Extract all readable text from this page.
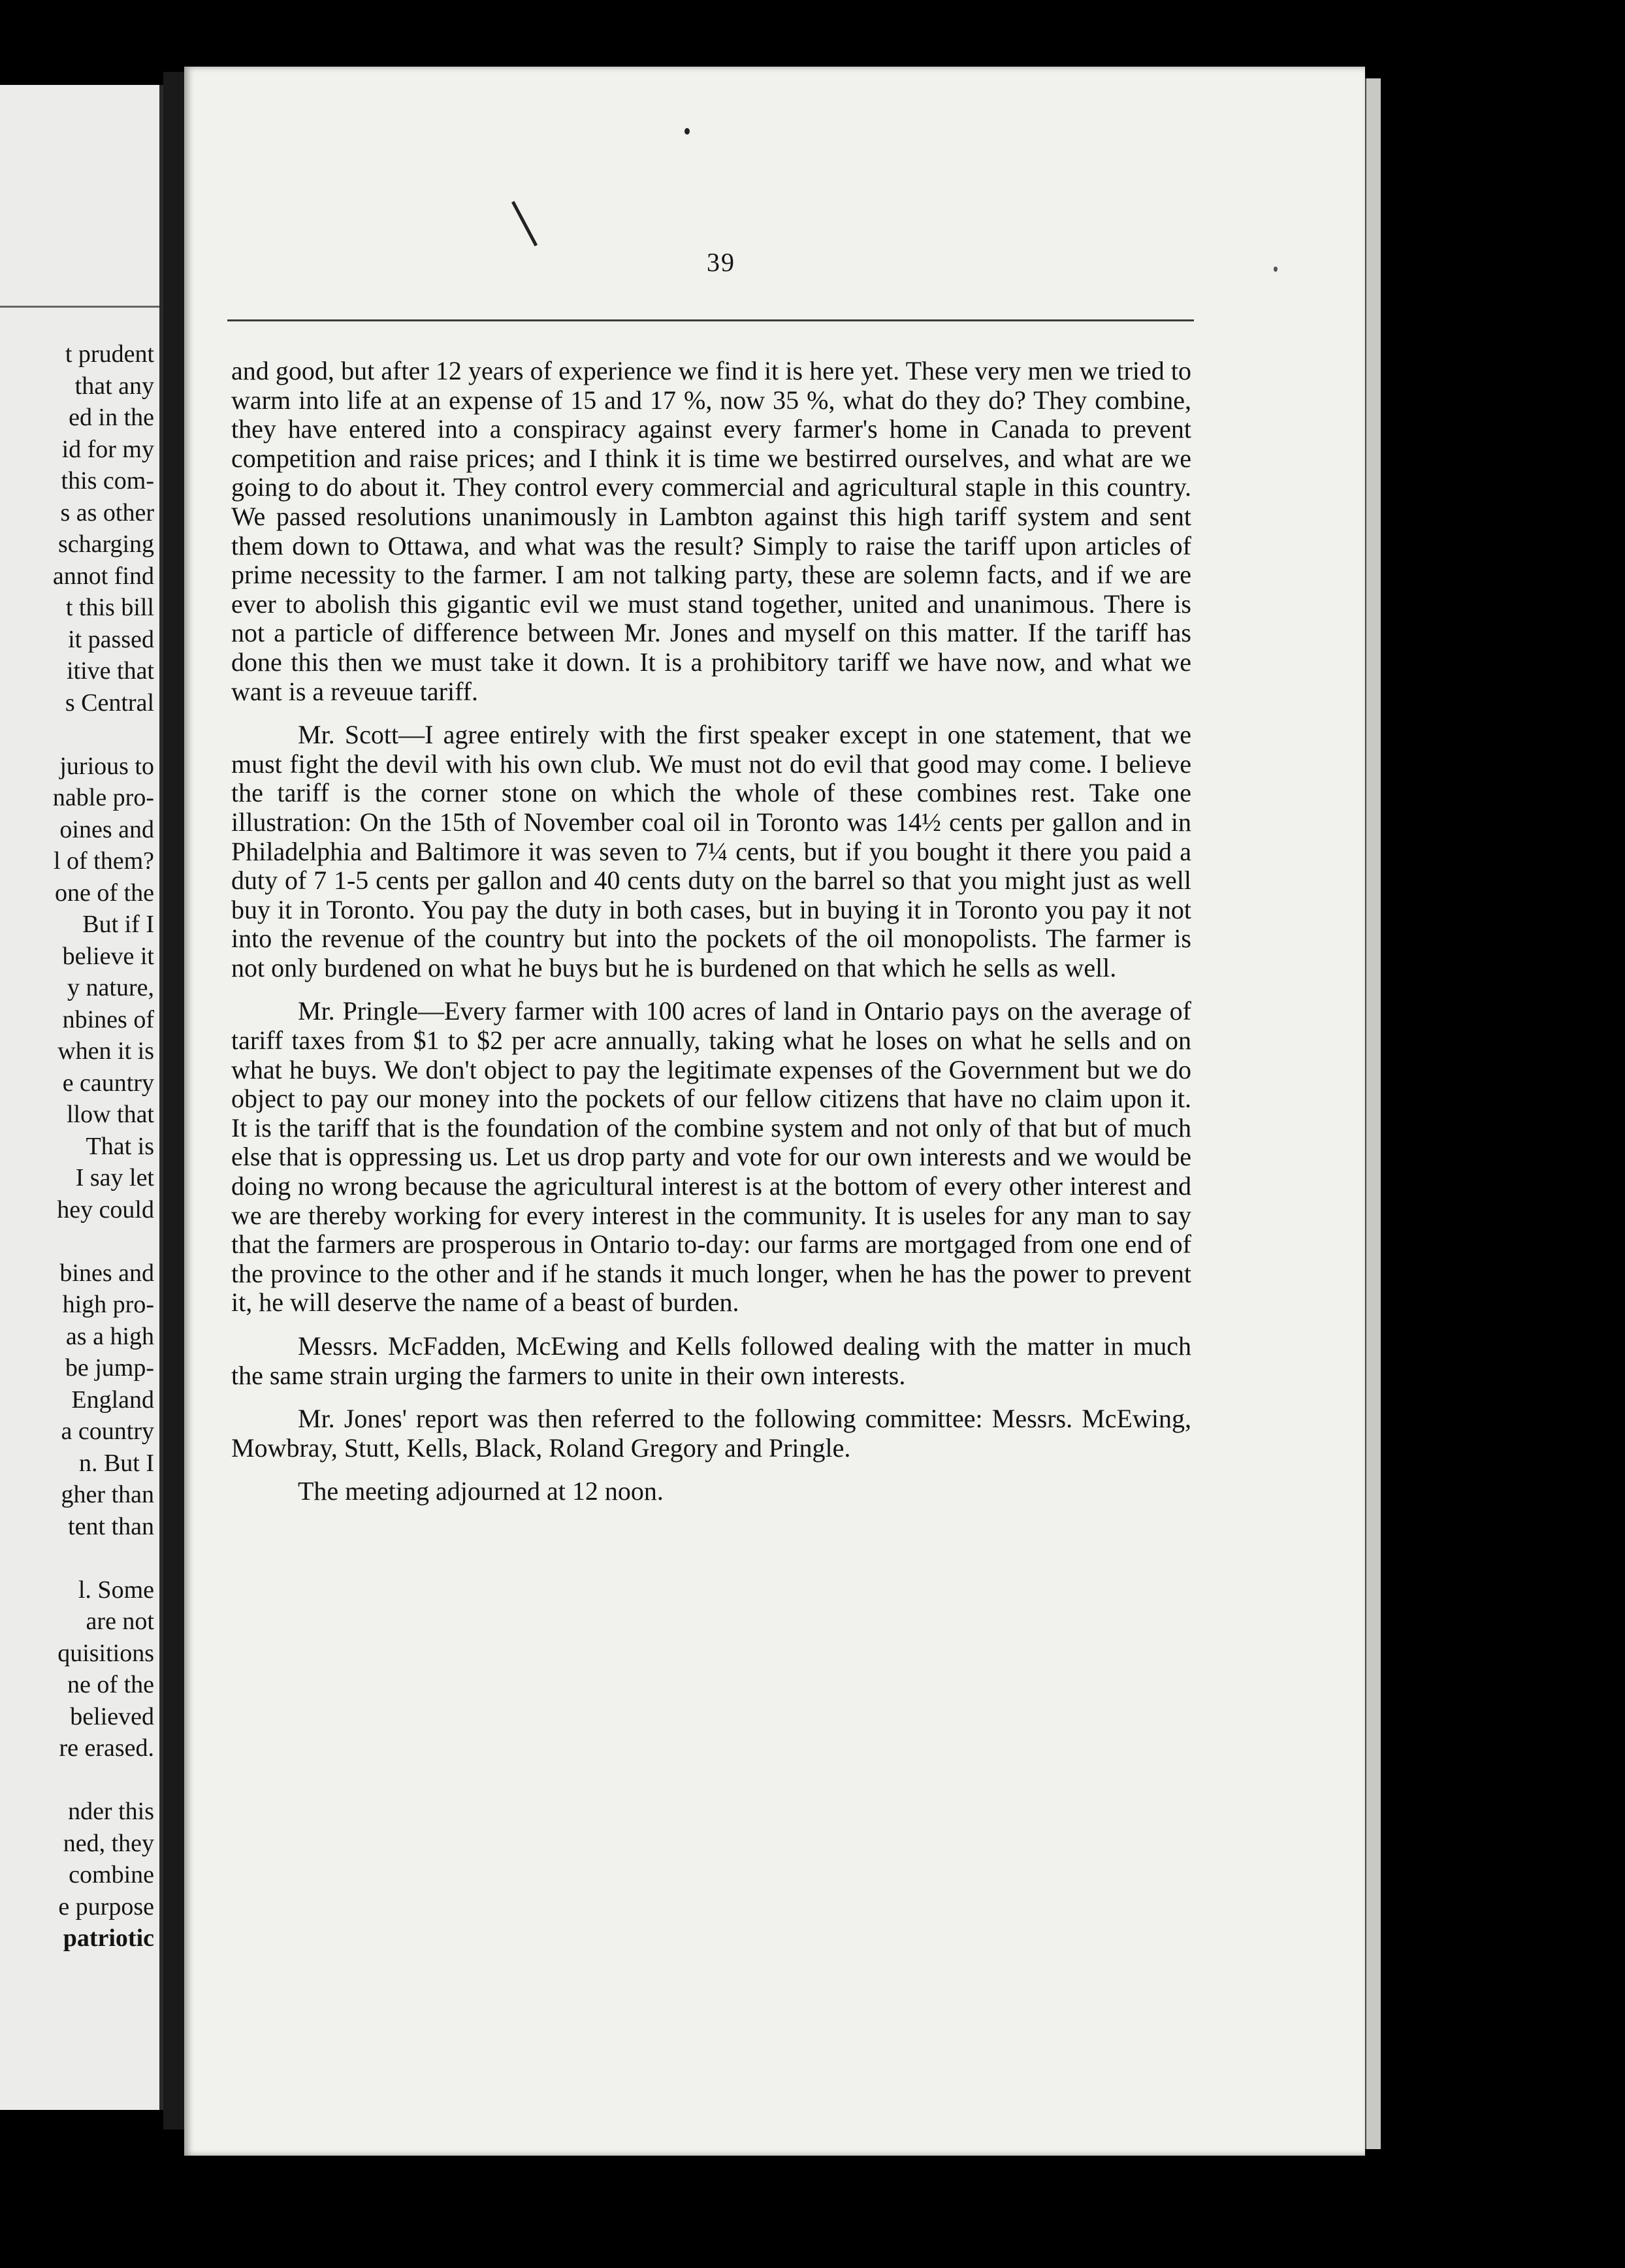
t prudent
that any
ed in the
id for my
this com-
s as other
scharging
annot find
t this bill
it passed
itive that
s Central
jurious to
nable pro-
oines and
l of them?
one of the
But if I
believe it
y nature,
nbines of
when it is
e cauntry
llow that
That is
I say let
hey could
bines and
high pro-
as a high
be jump-
England
a country
n. But I
gher than
tent than
l. Some
are not
quisitions
ne of the
believed
re erased.
nder this
ned, they
combine
e purpose
patriotic
39

and good, but after 12 years of experience we find it is here yet. These very men we tried to warm into life at an expense of 15 and 17 %, now 35 %, what do they do? They combine, they have entered into a conspiracy against every farmer's home in Canada to prevent competition and raise prices; and I think it is time we bestirred ourselves, and what are we going to do about it. They control every commercial and agricultural staple in this country. We passed resolutions unanimously in Lambton against this high tariff system and sent them down to Ottawa, and what was the result? Simply to raise the tariff upon articles of prime necessity to the farmer. I am not talking party, these are solemn facts, and if we are ever to abolish this gigantic evil we must stand together, united and unanimous. There is not a particle of difference between Mr. Jones and myself on this matter. If the tariff has done this then we must take it down. It is a prohibitory tariff we have now, and what we want is a reveuue tariff.

Mr. Scott—I agree entirely with the first speaker except in one statement, that we must fight the devil with his own club. We must not do evil that good may come. I believe the tariff is the corner stone on which the whole of these combines rest. Take one illustration: On the 15th of November coal oil in Toronto was 14½ cents per gallon and in Philadelphia and Baltimore it was seven to 7¼ cents, but if you bought it there you paid a duty of 7 1-5 cents per gallon and 40 cents duty on the barrel so that you might just as well buy it in Toronto. You pay the duty in both cases, but in buying it in Toronto you pay it not into the revenue of the country but into the pockets of the oil monopolists. The farmer is not only burdened on what he buys but he is burdened on that which he sells as well.

Mr. Pringle—Every farmer with 100 acres of land in Ontario pays on the average of tariff taxes from $1 to $2 per acre annually, taking what he loses on what he sells and on what he buys. We don't object to pay the legitimate expenses of the Government but we do object to pay our money into the pockets of our fellow citizens that have no claim upon it. It is the tariff that is the foundation of the combine system and not only of that but of much else that is oppressing us. Let us drop party and vote for our own interests and we would be doing no wrong because the agricultural interest is at the bottom of every other interest and we are thereby working for every interest in the community. It is useles for any man to say that the farmers are prosperous in Ontario to-day: our farms are mortgaged from one end of the province to the other and if he stands it much longer, when he has the power to prevent it, he will deserve the name of a beast of burden.

Messrs. McFadden, McEwing and Kells followed dealing with the matter in much the same strain urging the farmers to unite in their own interests.

Mr. Jones' report was then referred to the following committee: Messrs. McEwing, Mowbray, Stutt, Kells, Black, Roland Gregory and Pringle.

The meeting adjourned at 12 noon.
